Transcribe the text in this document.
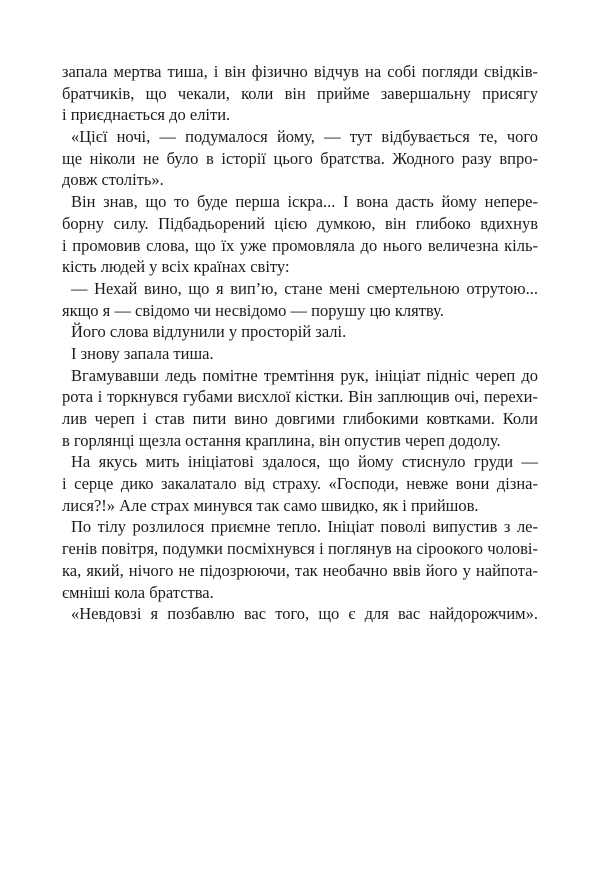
запала мертва тиша, і він фізично відчув на собі погляди свідків-
братчиків, що чекали, коли він прийме завершальну присягу
і приєднається до еліти.
«Цієї ночі, — подумалося йому, — тут відбувається те, чого
ще ніколи не було в історії цього братства. Жодного разу впро-
довж століть».
Він знав, що то буде перша іскра... І вона дасть йому непере-
борну силу. Підбадьорений цією думкою, він глибоко вдихнув
і промовив слова, що їх уже промовляла до нього величезна кіль-
кість людей у всіх країнах світу:
— Нехай вино, що я вип’ю, стане мені смертельною отрутою...
якщо я — свідомо чи несвідомо — порушу цю клятву.
Його слова відлунили у просторій залі.
І знову запала тиша.
Вгамувавши ледь помітне тремтіння рук, ініціат підніс череп до
рота і торкнувся губами висхлої кістки. Він заплющив очі, перехи-
лив череп і став пити вино довгими глибокими ковтками. Коли
в горлянці щезла остання краплина, він опустив череп додолу.
На якусь мить ініціатові здалося, що йому стиснуло груди —
і серце дико закалатало від страху. «Господи, невже вони дізна-
лися?!» Але страх минувся так само швидко, як і прийшов.
По тілу розлилося приємне тепло. Ініціат поволі випустив з ле-
генів повітря, подумки посміхнувся і поглянув на сіроокого чолові-
ка, який, нічого не підозрюючи, так необачно ввів його у найпота-
ємніші кола братства.
«Невдовзі я позбавлю вас того, що є для вас найдорожчим».
